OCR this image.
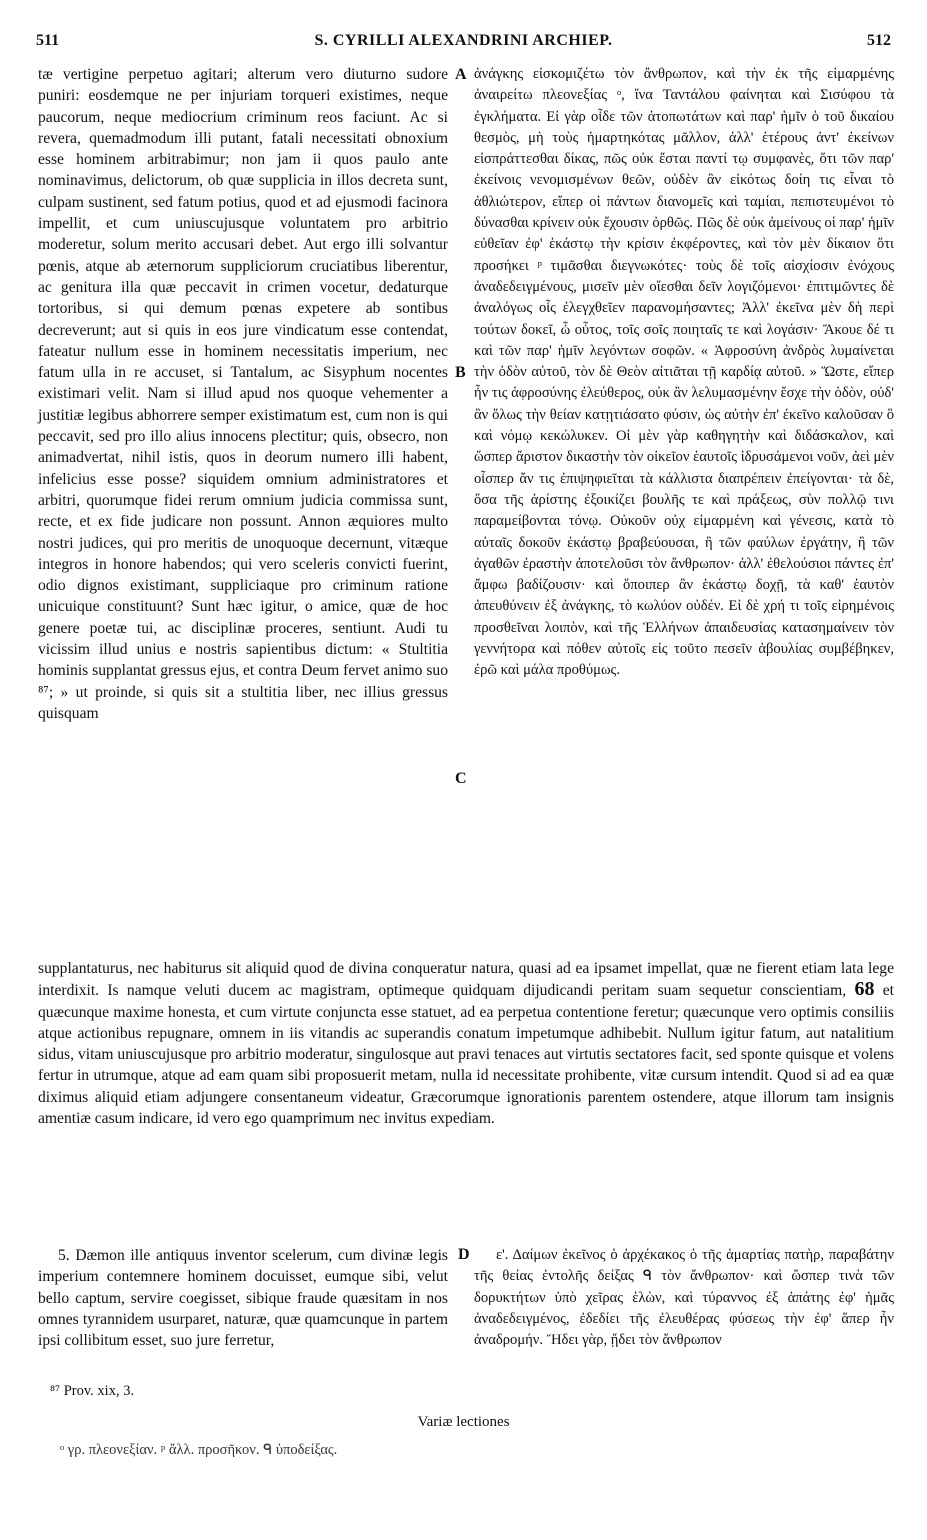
511	S. CYRILLI ALEXANDRINI ARCHIEP.	512
A
B
C
D

tæ vertigine perpetuo agitari; alterum vero diuturno sudore puniri: eosdemque ne per injuriam torqueri existimes, neque paucorum, neque mediocrium criminum reos faciunt. Ac si revera, quemadmodum illi putant, fatali necessitati obnoxium esse hominem arbitrabimur; non jam ii quos paulo ante nominavimus, delictorum, ob quæ supplicia in illos decreta sunt, culpam sustinent, sed fatum potius, quod et ad ejusmodi facinora impellit, et cum uniuscujusque voluntatem pro arbitrio moderetur, solum merito accusari debet. Aut ergo illi solvantur pœnis, atque ab æternorum suppliciorum cruciatibus liberentur, ac genitura illa quæ peccavit in crimen vocetur, dedaturque tortoribus, si qui demum pœnas expetere ab sontibus decreverunt; aut si quis in eos jure vindicatum esse contendat, fateatur nullum esse in hominem necessitatis imperium, nec fatum ulla in re accuset, si Tantalum, ac Sisyphum nocentes existimari velit. Nam si illud apud nos quoque vehementer a justitiæ legibus abhorrere semper existimatum est, cum non is qui peccavit, sed pro illo alius innocens plectitur; quis, obsecro, non animadvertat, nihil istis, quos in deorum numero illi habent, infelicius esse posse? siquidem omnium administratores et arbitri, quorumque fidei rerum omnium judicia commissa sunt, recte, et ex fide judicare non possunt. Annon æquiores multo nostri judices, qui pro meritis de unoquoque decernunt, vitæque integros in honore habendos; qui vero sceleris convicti fuerint, odio dignos existimant, suppliciaque pro criminum ratione unicuique constituunt? Sunt hæc igitur, o amice, quæ de hoc genere poetæ tui, ac disciplinæ proceres, sentiunt. Audi tu vicissim illud unius e nostris sapientibus dictum: « Stultitia hominis supplantat gressus ejus, et contra Deum fervet animo suo ⁸⁷; » ut proinde, si quis sit a stultitia liber, nec illius gressus quisquam

ἀνάγκης εἰσκομιζέτω τὸν ἄνθρωπον, καὶ τὴν ἐκ τῆς εἱμαρμένης ἀναιρείτω πλεονεξίας ᵒ, ἵνα Ταντάλου φαίνηται καὶ Σισύφου τὰ ἐγκλήματα. Εἰ γὰρ οἶδε τῶν ἀτοπωτάτων καὶ παρ' ἡμῖν ὁ τοῦ δικαίου θεσμὸς, μὴ τοὺς ἡμαρτηκότας μᾶλλον, ἀλλ' ἑτέρους ἀντ' ἐκείνων εἰσπράττεσθαι δίκας, πῶς οὐκ ἔσται παντί τῳ συμφανὲς, ὅτι τῶν παρ' ἐκείνοις νενομισμένων θεῶν, οὐδὲν ἂν εἰκότως δοίη τις εἶναι τὸ ἀθλιώτερον, εἴπερ οἱ πάντων διανομεῖς καὶ ταμίαι, πεπιστευμένοι τὸ δύνασθαι κρίνειν οὐκ ἔχουσιν ὀρθῶς. Πῶς δὲ οὐκ ἀμείνους οἱ παρ' ἡμῖν εὐθεῖαν ἐφ' ἑκάστῳ τὴν κρίσιν ἐκφέροντες, καὶ τὸν μὲν δίκαιον ὅτι προσήκει ᵖ τιμᾶσθαι διεγνωκότες· τοὺς δὲ τοῖς αἰσχίοσιν ἐνόχους ἀναδεδειγμένους, μισεῖν μὲν οἴεσθαι δεῖν λογιζόμενοι· ἐπιτιμῶντες δὲ ἀναλόγως οἷς ἐλεγχθεῖεν παρανομήσαντες; Ἀλλ' ἐκεῖνα μὲν δὴ περὶ τούτων δοκεῖ, ὦ οὗτος, τοῖς σοῖς ποιηταῖς τε καὶ λογάσιν· Ἄκουε δέ τι καὶ τῶν παρ' ἡμῖν λεγόντων σοφῶν. « Ἀφροσύνη ἀνδρὸς λυμαίνεται τὴν ὁδὸν αὐτοῦ, τὸν δὲ Θεὸν αἰτιᾶται τῇ καρδίᾳ αὐτοῦ. » Ὥστε, εἴπερ ἦν τις ἀφροσύνης ἐλεύθερος, οὐκ ἂν λελυμασμένην ἔσχε τὴν ὁδὸν, οὐδ' ἂν ὅλως τὴν θείαν κατῃτιάσατο φύσιν, ὡς αὐτὴν ἐπ' ἐκεῖνο καλοῦσαν ὃ καὶ νόμῳ κεκώλυκεν. Οἱ μὲν γὰρ καθηγητὴν καὶ διδάσκαλον, καὶ ὥσπερ ἄριστον δικαστὴν τὸν οἰκεῖον ἑαυτοῖς ἱδρυσάμενοι νοῦν, ἀεὶ μὲν οἷσπερ ἄν τις ἐπιψηφιεῖται τὰ κάλλιστα διαπρέπειν ἐπείγονται· τὰ δὲ, ὅσα τῆς ἀρίστης ἐξοικίζει βουλῆς τε καὶ πράξεως, σὺν πολλῷ τινι παραμείβονται τόνῳ. Οὐκοῦν οὐχ εἱμαρμένη καὶ γένεσις, κατὰ τὸ αὐταῖς δοκοῦν ἑκάστῳ βραβεύουσαι, ἢ τῶν φαύλων ἐργάτην, ἢ τῶν ἀγαθῶν ἐραστὴν ἀποτελοῦσι τὸν ἄνθρωπον· ἀλλ' ἐθελούσιοι πάντες ἐπ' ἄμφω βαδίζουσιν· καὶ ὅποιπερ ἂν ἑκάστῳ δοχῇ, τὰ καθ' ἑαυτὸν ἀπευθύνειν ἐξ ἀνάγκης, τὸ κωλύον οὐδέν. Εἰ δὲ χρή τι τοῖς εἰρημένοις προσθεῖναι λοιπὸν, καὶ τῆς Ἑλλήνων ἀπαιδευσίας κατασημαίνειν τὸν γεννήτορα καὶ πόθεν αὐτοῖς εἰς τοῦτο πεσεῖν ἀβουλίας συμβέβηκεν, ἐρῶ καὶ μάλα προθύμως.

supplantaturus, nec habiturus sit aliquid quod de divina conqueratur natura, quasi ad ea ipsamet impellat, quæ ne fierent etiam lata lege interdixit. Is namque veluti ducem ac magistram, optimeque quidquam dijudicandi peritam suam sequetur conscientiam, 68 et quæcunque maxime honesta, et cum virtute conjuncta esse statuet, ad ea perpetua contentione feretur; quæcunque vero optimis consiliis atque actionibus repugnare, omnem in iis vitandis ac superandis conatum impetumque adhibebit. Nullum igitur fatum, aut natalitium sidus, vitam uniuscujusque pro arbitrio moderatur, singulosque aut pravi tenaces aut virtutis sectatores facit, sed sponte quisque et volens fertur in utrumque, atque ad eam quam sibi proposuerit metam, nulla id necessitate prohibente, vitæ cursum intendit. Quod si ad ea quæ diximus aliquid etiam adjungere consentaneum videatur, Græcorumque ignorationis parentem ostendere, atque illorum tam insignis amentiæ casum indicare, id vero ego quamprimum nec invitus expediam.

5. Dæmon ille antiquus inventor scelerum, cum divinæ legis imperium contemnere hominem docuisset, eumque sibi, velut bello captum, servire coegisset, sibique fraude quæsitam in nos omnes tyrannidem usurparet, naturæ, quæ quamcunque in partem ipsi collibitum esset, suo jure ferretur,

ε'. Δαίμων ἐκεῖνος ὁ ἀρχέκακος ὁ τῆς ἁμαρτίας πατὴρ, παραβάτην τῆς θείας ἐντολῆς δείξας ᑫ τὸν ἄνθρωπον· καὶ ὥσπερ τινὰ τῶν δορυκτήτων ὑπὸ χεῖρας ἑλὼν, καὶ τύραννος ἐξ ἀπάτης ἐφ' ἡμᾶς ἀναδεδειγμένος, ἐδεδίει τῆς ἐλευθέρας φύσεως τὴν ἐφ' ἅπερ ἦν ἀναδρομήν. Ἤδει γὰρ, ᾔδει τὸν ἄνθρωπον

⁸⁷ Prov. xix, 3.
Variæ lectiones
ᵒ γρ. πλεονεξίαν. ᵖ ἄλλ. προσῆκον. ᑫ ὑποδείξας.
